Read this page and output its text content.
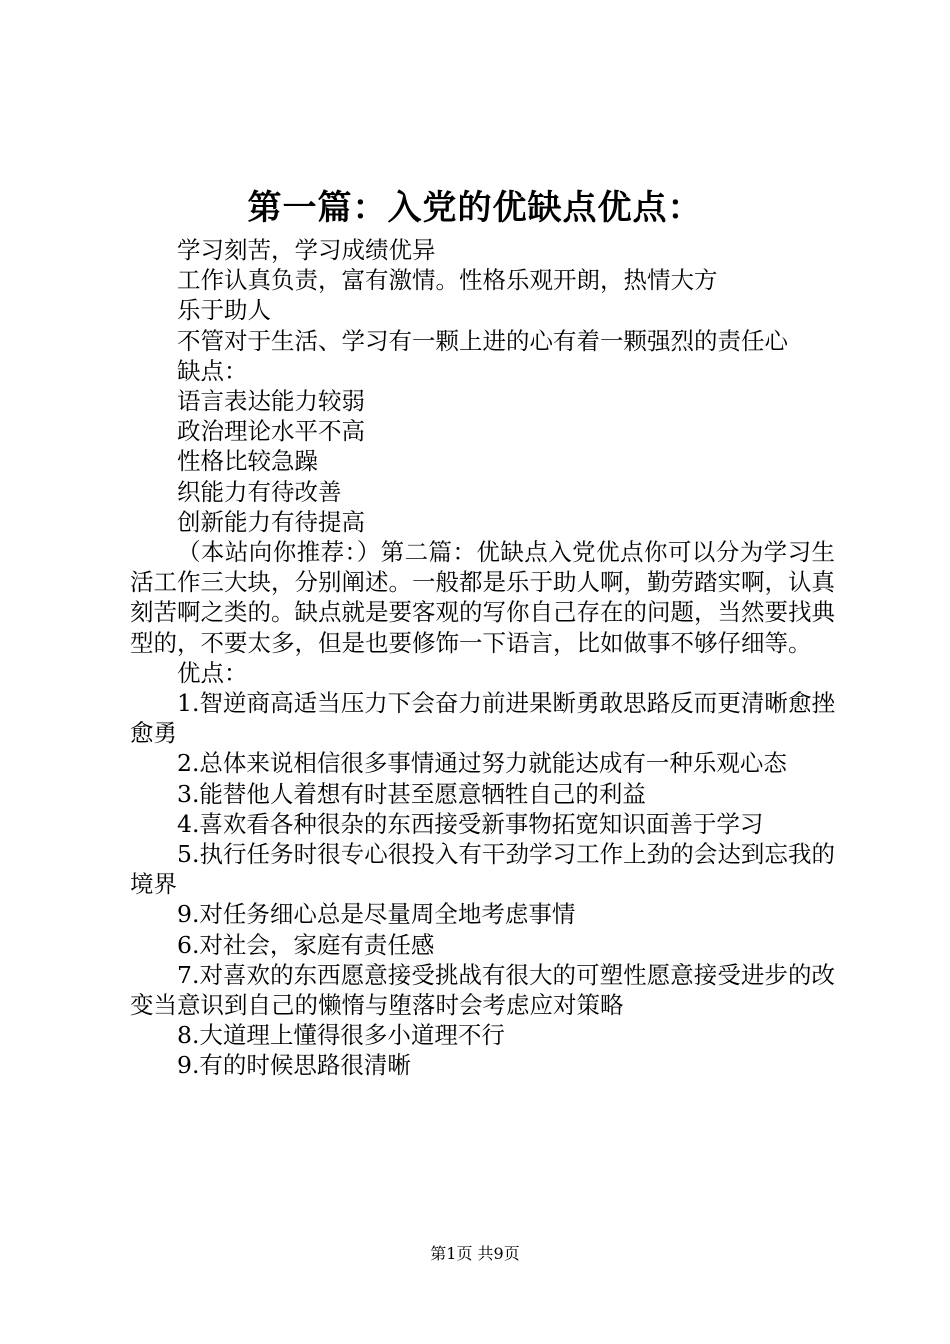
第一篇：入党的优缺点优点：

学习刻苦，学习成绩优异

工作认真负责，富有激情。性格乐观开朗，热情大方

乐于助人

不管对于生活、学习有一颗上进的心有着一颗强烈的责任心

缺点：

语言表达能力较弱

政治理论水平不高

性格比较急躁

织能力有待改善

创新能力有待提高

（本站向你推荐：）第二篇：优缺点入党优点你可以分为学习生活工作三大块，分别阐述。一般都是乐于助人啊，勤劳踏实啊，认真刻苦啊之类的。缺点就是要客观的写你自己存在的问题，当然要找典型的，不要太多，但是也要修饰一下语言，比如做事不够仔细等。

优点：

1.智逆商高适当压力下会奋力前进果断勇敢思路反而更清晰愈挫愈勇

2.总体来说相信很多事情通过努力就能达成有一种乐观心态

3.能替他人着想有时甚至愿意牺牲自己的利益

4.喜欢看各种很杂的东西接受新事物拓宽知识面善于学习

5.执行任务时很专心很投入有干劲学习工作上劲的会达到忘我的境界

9.对任务细心总是尽量周全地考虑事情

6.对社会，家庭有责任感

7.对喜欢的东西愿意接受挑战有很大的可塑性愿意接受进步的改变当意识到自己的懒惰与堕落时会考虑应对策略

8.大道理上懂得很多小道理不行

9.有的时候思路很清晰

第1页 共9页
